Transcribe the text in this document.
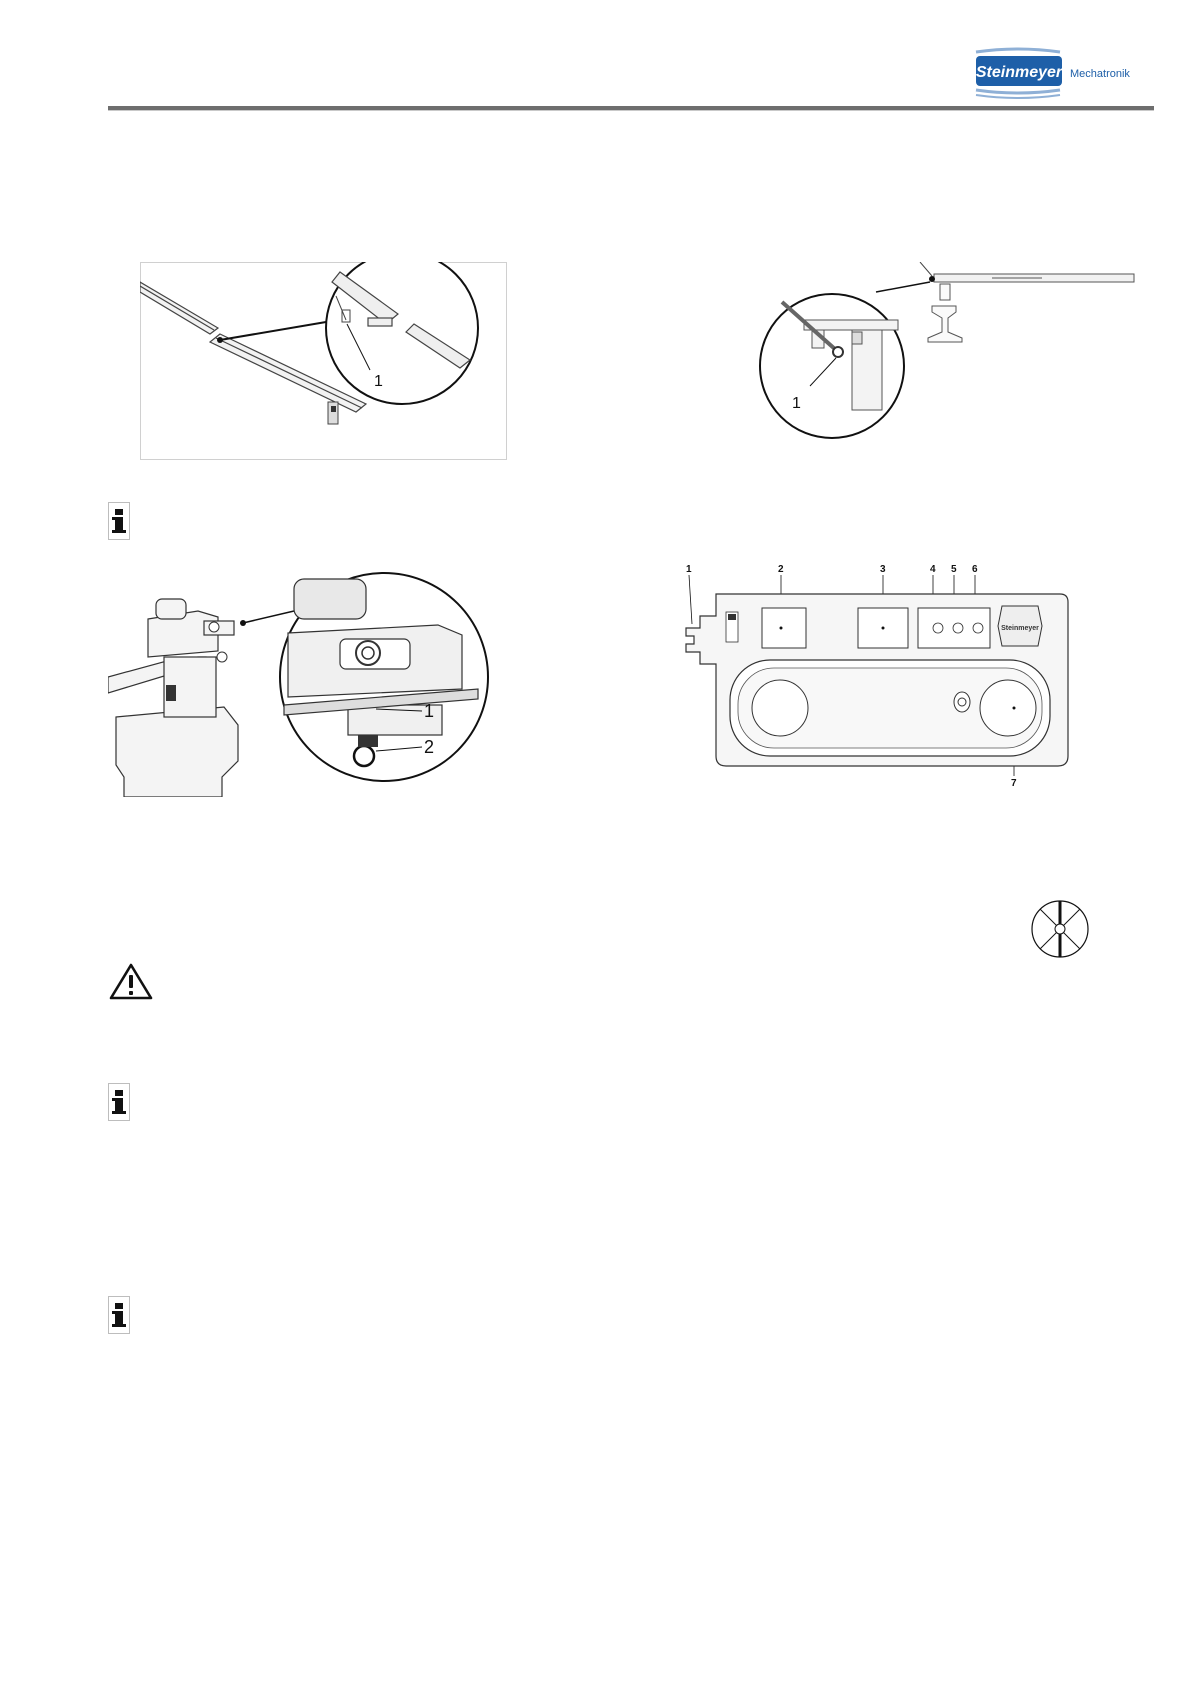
Steinmeyer Mechatronik
1
1
1
2
1	2	3	4 5 6
7
Steinmeyer
